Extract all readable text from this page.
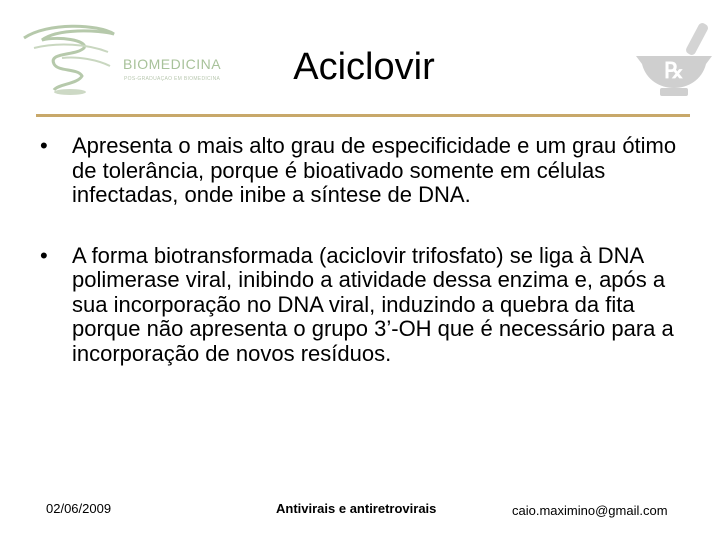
BIOMEDICINA
PÓS-GRADUAÇÃO EM BIOMEDICINA	Aciclovir	℞
• Apresenta o mais alto grau de especificidade e um grau ótimo de tolerância, porque é bioativado somente em células infectadas, onde inibe a síntese de DNA.
• A forma biotransformada (aciclovir trifosfato) se liga à DNA polimerase viral, inibindo a atividade dessa enzima e, após a sua incorporação no DNA viral, induzindo a quebra da fita porque não apresenta o grupo 3’-OH que é necessário para a incorporação de novos resíduos.
02/06/2009	Antivirais e antiretrovirais	caio.maximino@gmail.com
